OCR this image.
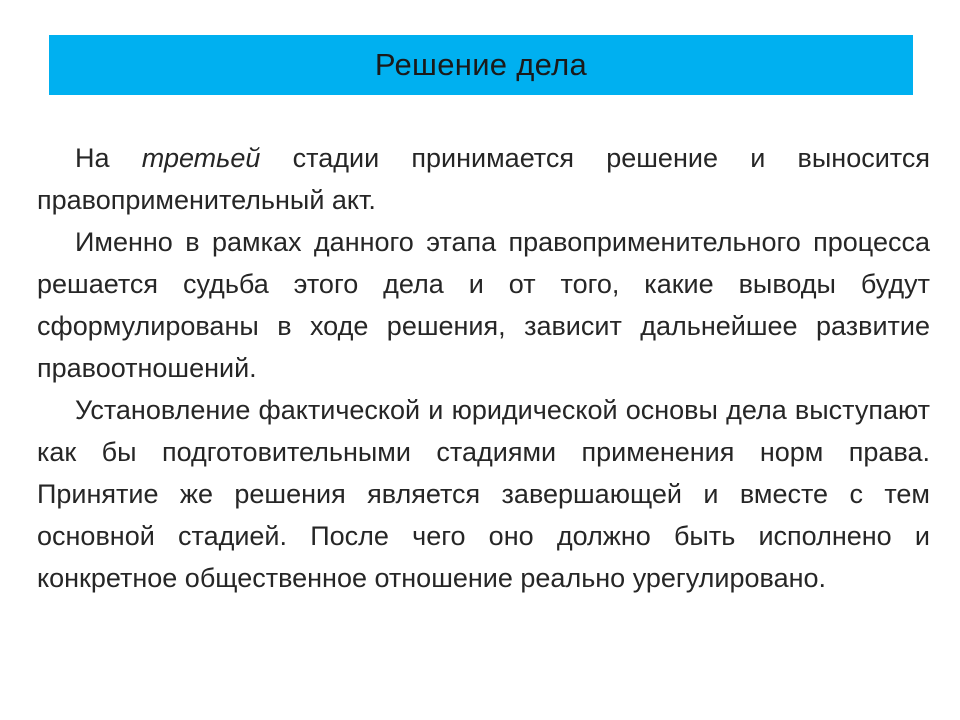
Решение дела

На третьей стадии принимается решение и выносится правоприменительный акт.

Именно в рамках данного этапа правоприменительного процесса решается судьба этого дела и от того, какие выводы будут сформулированы в ходе решения, зависит дальнейшее развитие правоотношений.

Установление фактической и юридической основы дела выступают как бы подготовительными стадиями применения норм права. Принятие же решения является завершающей и вместе с тем основной стадией. После чего оно должно быть исполнено и конкретное общественное отношение реально урегулировано.
